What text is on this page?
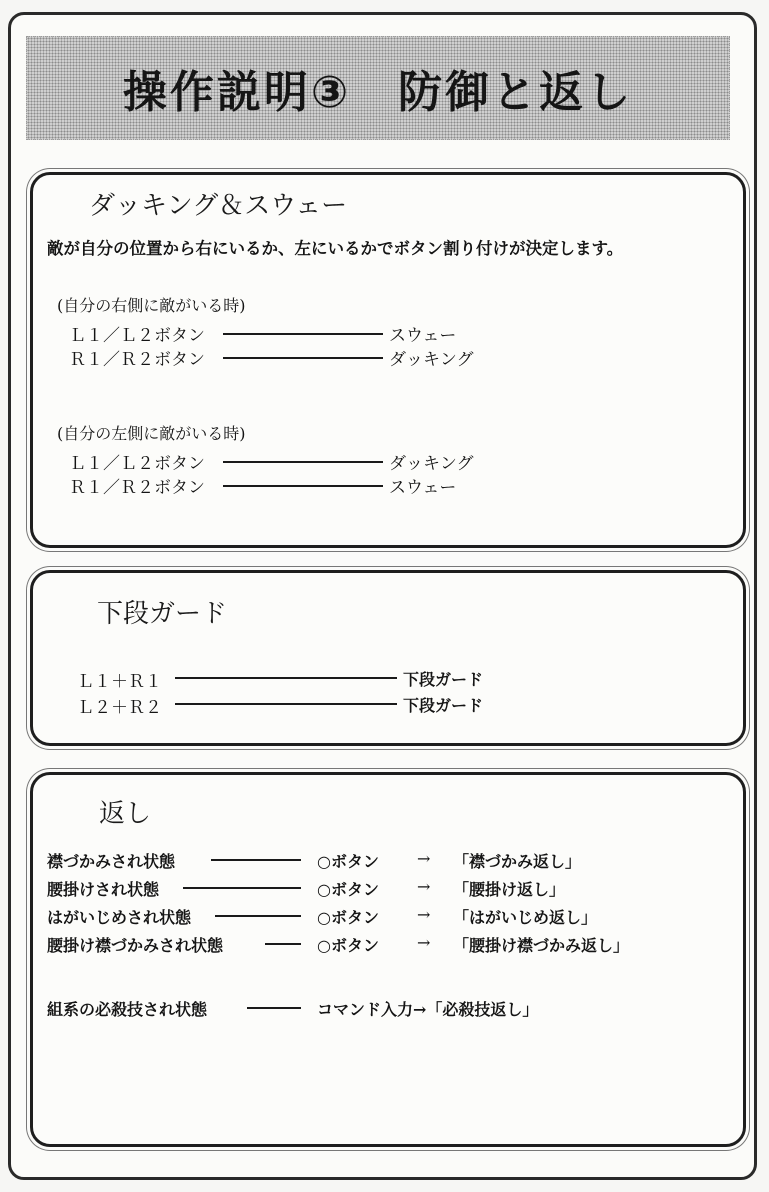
操作説明③　防御と返し
ダッキング＆スウェー
敵が自分の位置から右にいるか、左にいるかでボタン割り付けが決定します。
(自分の右側に敵がいる時)
Ｌ１／Ｌ２ボタン	スウェー
Ｒ１／Ｒ２ボタン	ダッキング
(自分の左側に敵がいる時)
Ｌ１／Ｌ２ボタン	ダッキング
Ｒ１／Ｒ２ボタン	スウェー
下段ガード
Ｌ１＋Ｒ１	下段ガード
Ｌ２＋Ｒ２	下段ガード
返し
襟づかみされ状態	○ボタン → 「襟づかみ返し」
腰掛けされ状態	○ボタン → 「腰掛け返し」
はがいじめされ状態	○ボタン → 「はがいじめ返し」
腰掛け襟づかみされ状態	○ボタン → 「腰掛け襟づかみ返し」
組系の必殺技され状態	コマンド入力→「必殺技返し」
